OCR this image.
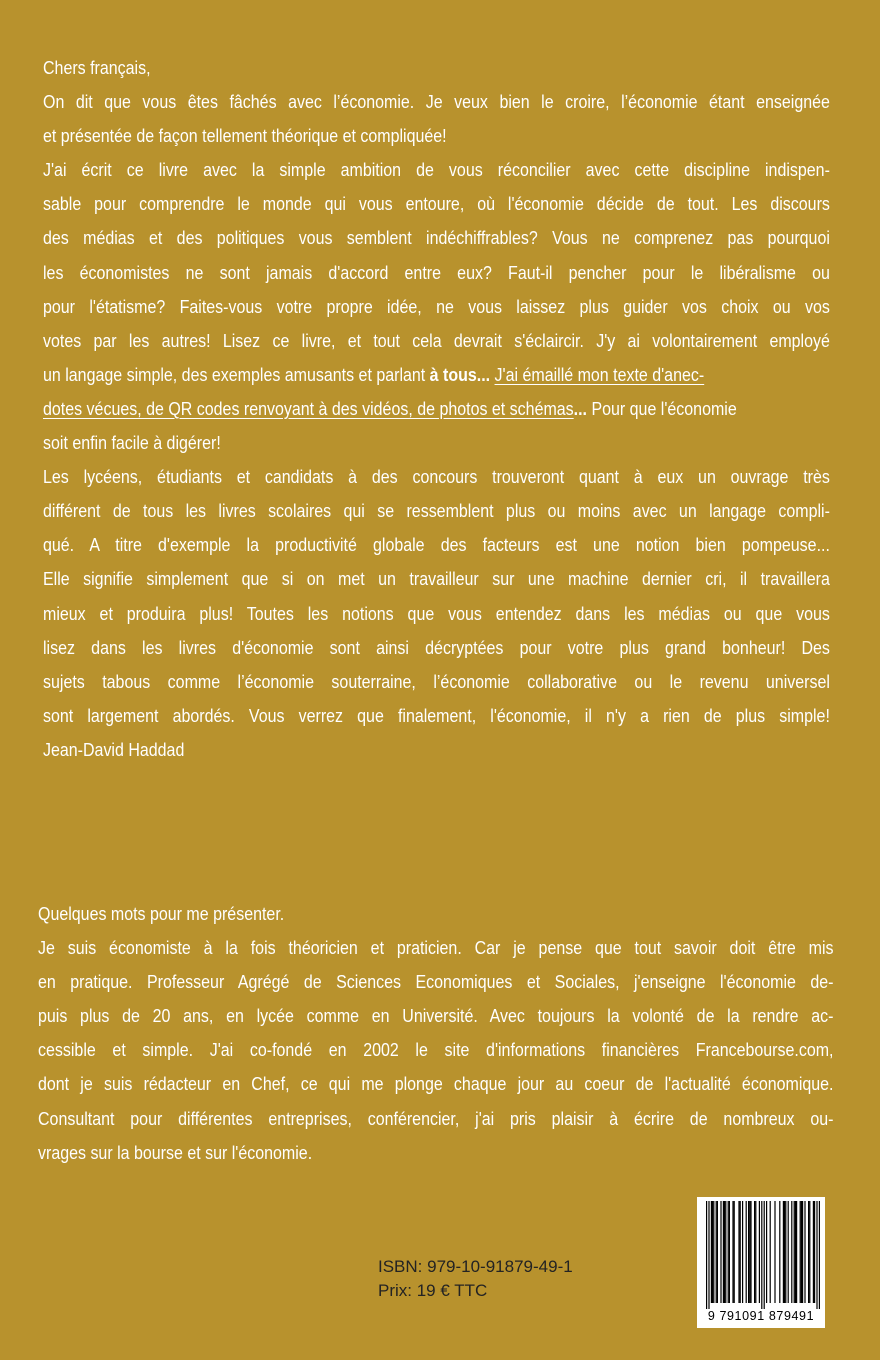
Chers français,
On dit que vous êtes fâchés avec l’économie. Je veux bien le croire, l’économie étant enseignée
et présentée de façon tellement théorique et compliquée!
J'ai écrit ce livre avec la simple ambition de vous réconcilier avec cette discipline indispen-
sable pour comprendre le monde qui vous entoure, où l'économie décide de tout. Les discours
des médias et des politiques vous semblent indéchiffrables? Vous ne comprenez pas pourquoi
les économistes ne sont jamais d'accord entre eux? Faut-il pencher pour le libéralisme ou
pour l'étatisme? Faites-vous votre propre idée, ne vous laissez plus guider vos choix ou vos
votes par les autres! Lisez ce livre, et tout cela devrait s'éclaircir. J'y ai volontairement employé
un langage simple, des exemples amusants et parlant à tous... J'ai émaillé mon texte d'anec-
dotes vécues, de QR codes renvoyant à des vidéos, de photos et schémas... Pour que l'économie
soit enfin facile à digérer!
Les lycéens, étudiants et candidats à des concours trouveront quant à eux un ouvrage très
différent de tous les livres scolaires qui se ressemblent plus ou moins avec un langage compli-
qué. A titre d'exemple la productivité globale des facteurs est une notion bien pompeuse...
Elle signifie simplement que si on met un travailleur sur une machine dernier cri, il travaillera
mieux et produira plus! Toutes les notions que vous entendez dans les médias ou que vous
lisez dans les livres d'économie sont ainsi décryptées pour votre plus grand bonheur! Des
sujets tabous comme l’économie souterraine, l’économie collaborative ou le revenu universel
sont largement abordés. Vous verrez que finalement, l'économie, il n'y a rien de plus simple!
Jean-David Haddad
Quelques mots pour me présenter.
Je suis économiste à la fois théoricien et praticien. Car je pense que tout savoir doit être mis
en pratique. Professeur Agrégé de Sciences Economiques et Sociales, j'enseigne l'économie de-
puis plus de 20 ans, en lycée comme en Université. Avec toujours la volonté de la rendre ac-
cessible et simple. J'ai co-fondé en 2002 le site d'informations financières Francebourse.com,
dont je suis rédacteur en Chef, ce qui me plonge chaque jour au coeur de l'actualité économique.
Consultant pour différentes entreprises, conférencier, j'ai pris plaisir à écrire de nombreux ou-
vrages sur la bourse et sur l'économie.
ISBN: 979-10-91879-49-1
Prix: 19 € TTC
9 791091 879491
